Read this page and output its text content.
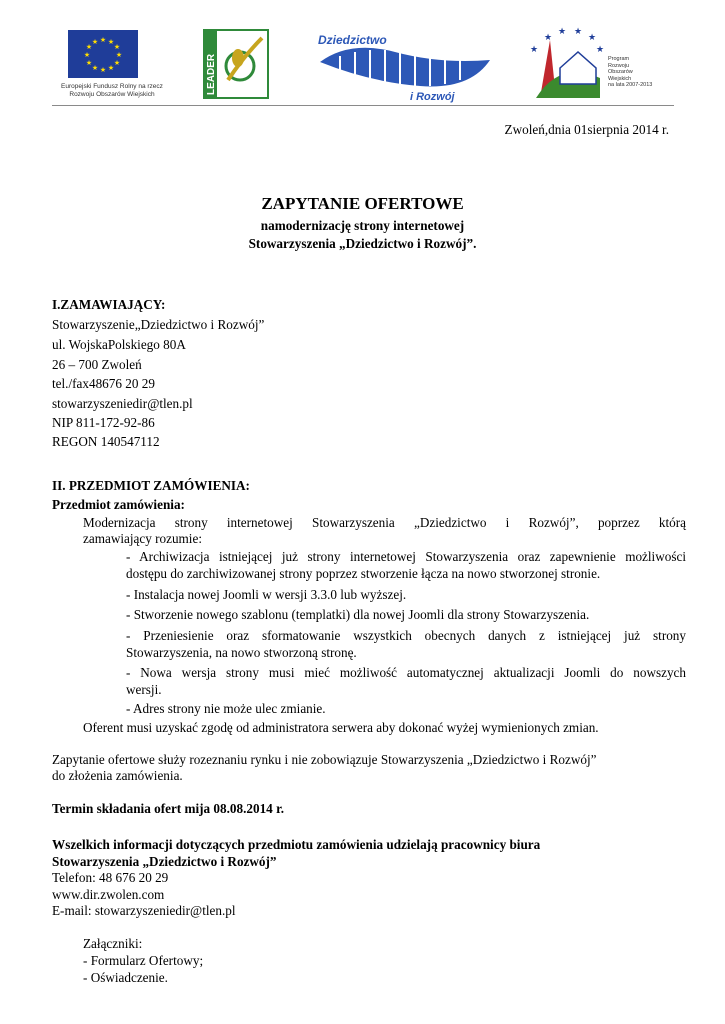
★ ★
★
★
★
★
★
★
★
★
★
★
LEADER
Dziedzictwo
i Rozwój
★
★ ★
★
★	★
Europejski Fundusz Rolny na rzecz Rozwoju Obszarów Wiejskich
Program
Rozwoju
Obszarów
Wiejskich
na lata 2007-2013
Zwoleń,dnia 01sierpnia 2014 r.
ZAPYTANIE OFERTOWE
namodernizację strony internetowej
Stowarzyszenia „Dziedzictwo i Rozwój”.
I.ZAMAWIAJĄCY:
Stowarzyszenie„Dziedzictwo i Rozwój”
ul. WojskaPolskiego 80A
26 – 700 Zwoleń
tel./fax48676 20 29
stowarzyszeniedir@tlen.pl
NIP 811-172-92-86
REGON 140547112
II. PRZEDMIOT ZAMÓWIENIA:
Przedmiot zamówienia:
Modernizacja strony internetowej Stowarzyszenia „Dziedzictwo i Rozwój”, poprzez którą
zamawiający rozumie:
- Archiwizacja istniejącej już strony internetowej Stowarzyszenia oraz zapewnienie możliwości
dostępu do zarchiwizowanej strony poprzez stworzenie łącza na nowo stworzonej stronie.
- Instalacja nowej Joomli w wersji 3.3.0 lub wyższej.
- Stworzenie nowego szablonu (templatki) dla nowej Joomli dla strony Stowarzyszenia.
- Przeniesienie oraz sformatowanie wszystkich obecnych danych z istniejącej już strony
Stowarzyszenia, na nowo stworzoną stronę.
- Nowa wersja strony musi mieć możliwość automatycznej aktualizacji Joomli do nowszych
wersji.
- Adres strony nie może ulec zmianie.
Oferent musi uzyskać zgodę od administratora serwera aby dokonać wyżej wymienionych zmian.
Zapytanie ofertowe służy rozeznaniu rynku i nie zobowiązuje Stowarzyszenia „Dziedzictwo i Rozwój”
do złożenia zamówienia.
Termin składania ofert mija 08.08.2014 r.
Wszelkich informacji dotyczących przedmiotu zamówienia udzielają pracownicy biura
Stowarzyszenia „Dziedzictwo i Rozwój”
Telefon: 48 676 20 29
www.dir.zwolen.com
E-mail: stowarzyszeniedir@tlen.pl
Załączniki:
- Formularz Ofertowy;
- Oświadczenie.
